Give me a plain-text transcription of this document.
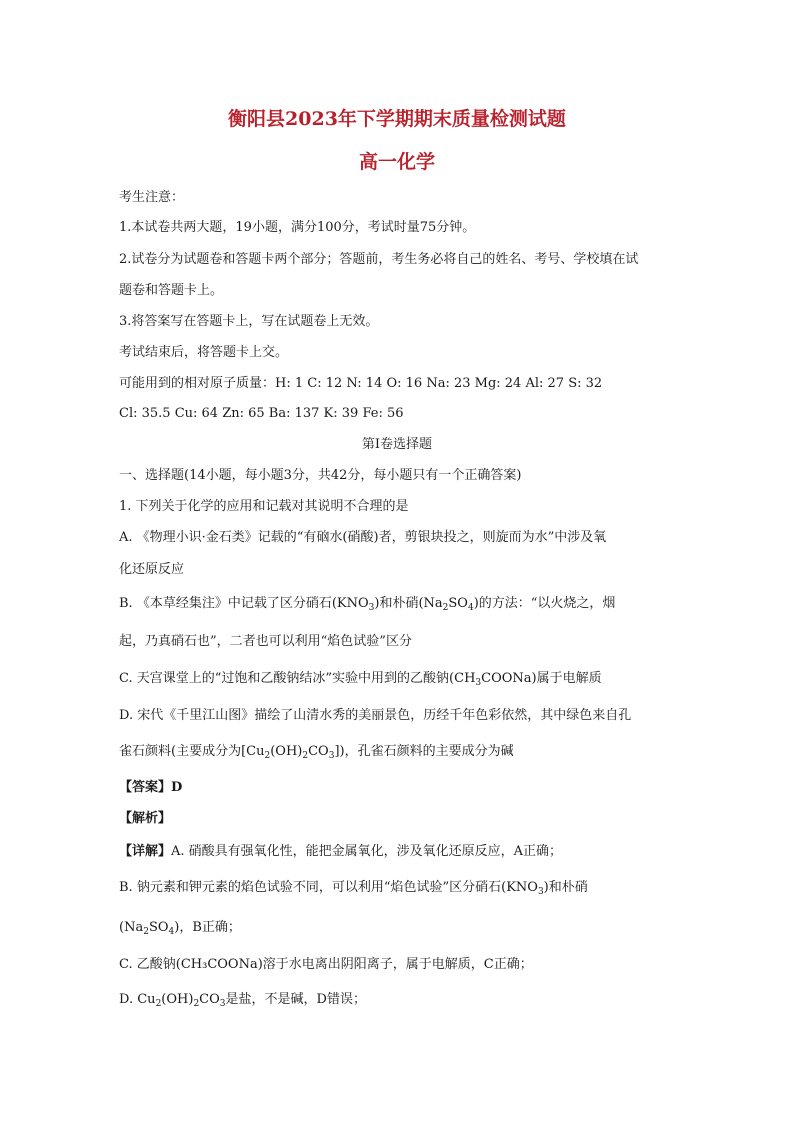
衡阳县2023年下学期期末质量检测试题
高一化学
考生注意：
1.本试卷共两大题，19小题，满分100分，考试时量75分钟。
2.试卷分为试题卷和答题卡两个部分；答题前，考生务必将自己的姓名、考号、学校填在试
题卷和答题卡上。
3.将答案写在答题卡上，写在试题卷上无效。
考试结束后，将答题卡上交。
可能用到的相对原子质量：H: 1 C: 12 N: 14 O: 16 Na: 23 Mg: 24 Al: 27 S: 32
Cl: 35.5 Cu: 64 Zn: 65 Ba: 137 K: 39 Fe: 56
第Ⅰ卷选择题
一、选择题(14小题，每小题3分，共42分，每小题只有一个正确答案)
1. 下列关于化学的应用和记载对其说明不合理的是
A. 《物理小识·金石类》记载的“有硇水(硝酸)者，剪银块投之，则旋而为水”中涉及氧
化还原反应
B. 《本草经集注》中记载了区分硝石$(KNO_3)$和朴硝$(Na_2SO_4)$的方法：“以火烧之，烟
起，乃真硝石也”，二者也可以利用“焰色试验”区分
C. 天宫课堂上的“过饱和乙酸钠结冰”实验中用到的乙酸钠$(CH_3COONa)$属于电解质
D. 宋代《千里江山图》描绘了山清水秀的美丽景色，历经千年色彩依然，其中绿色来自孔
雀石颜料(主要成分为$[Cu_2(OH)_2CO_3]$)，孔雀石颜料的主要成分为碱
【答案】D
【解析】
【详解】A. 硝酸具有强氧化性，能把金属氧化，涉及氧化还原反应，A正确；
B. 钠元素和钾元素的焰色试验不同，可以利用“焰色试验”区分硝石$(KNO_3)$和朴硝
$(Na_2SO_4)$，B正确；
C. 乙酸钠(CH₃COONa)溶于水电离出阴阳离子，属于电解质，C正确；
D. $Cu_2(OH)_2CO_3$是盐，不是碱，D错误；
